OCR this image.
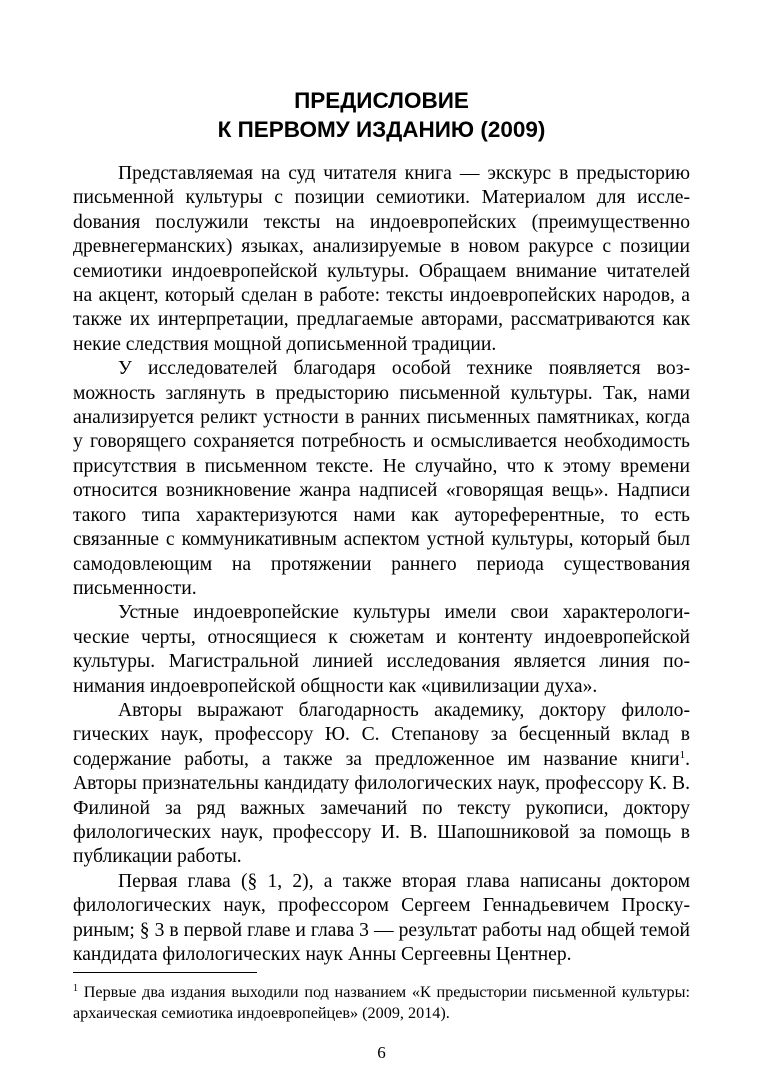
ПРЕДИСЛОВИЕ
К ПЕРВОМУ ИЗДАНИЮ (2009)

Представляемая на суд читателя книга — экскурс в предысторию письменной культуры с позиции семиотики. Материалом для исслеdования послужили тексты на индоевропейских (преимущественно древнегерманских) языках, анализируемые в новом ракурсе с позиции семиотики индоевропейской культуры. Обращаем внимание читателей на акцент, который сделан в работе: тексты индоевропейских народов, а также их интерпретации, предлагаемые авторами, рассматриваются как некие следствия мощной дописьменной традиции.

У исследователей благодаря особой технике появляется возможность заглянуть в предысторию письменной культуры. Так, нами анализируется реликт устности в ранних письменных памятниках, когда у говорящего сохраняется потребность и осмысливается необходимость присутствия в письменном тексте. Не случайно, что к этому времени относится возникновение жанра надписей «говорящая вещь». Надписи такого типа характеризуются нами как аутореферентные, то есть связанные с коммуникативным аспектом устной культуры, который был самодовлеющим на протяжении раннего периода существования письменности.

Устные индоевропейские культуры имели свои характерологические черты, относящиеся к сюжетам и контенту индоевропейской культуры. Магистральной линией исследования является линия понимания индоевропейской общности как «цивилизации духа».

Авторы выражают благодарность академику, доктору филологических наук, профессору Ю. С. Степанову за бесценный вклад в содержание работы, а также за предложенное им название книги$^1$. Авторы признательны кандидату филологических наук, профессору К. В. Филиной за ряд важных замечаний по тексту рукописи, доктору филологических наук, профессору И. В. Шапошниковой за помощь в публикации работы.

Первая глава (§ 1, 2), а также вторая глава написаны доктором филологических наук, профессором Сергеем Геннадьевичем Проскуриным; § 3 в первой главе и глава 3 — результат работы над общей темой кандидата филологических наук Анны Сергеевны Центнер.

$^1$ Первые два издания выходили под названием «К предыстории письменной культуры: архаическая семиотика индоевропейцев» (2009, 2014).

6
